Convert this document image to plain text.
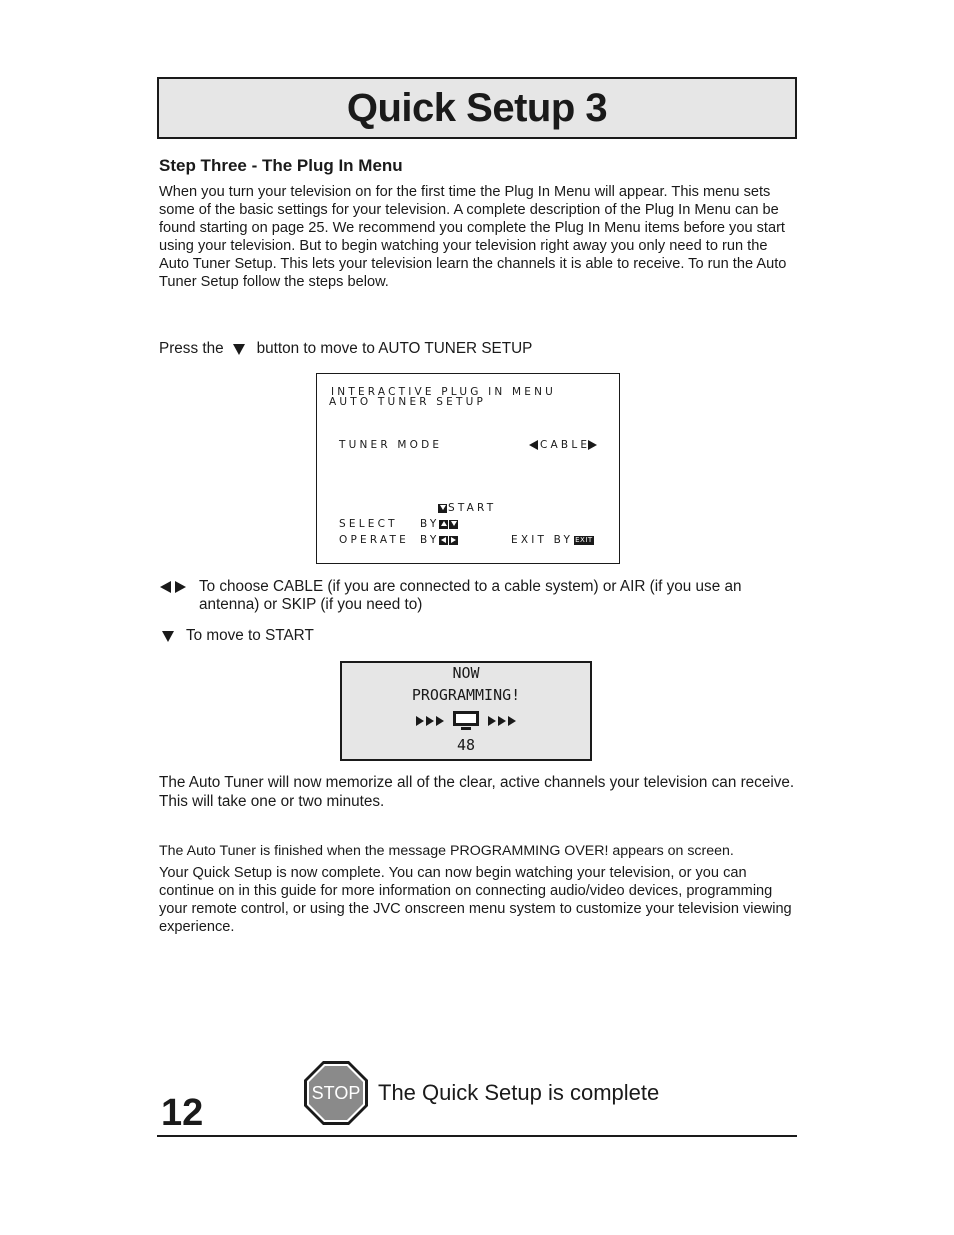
Quick Setup 3
Step Three - The Plug In Menu

When you turn your television on for the first time the Plug In Menu will appear. This menu sets some of the basic settings for your television. A complete description of the Plug In Menu can be found starting on page 25. We recommend you complete the Plug In Menu items before you start using your television. But to begin watching your television right away you only need to run the Auto Tuner Setup. This lets your television learn the channels it is able to receive. To run the Auto Tuner Setup follow the steps below.

Press the button to move to AUTO TUNER SETUP
INTERACTIVE PLUG IN MENU
AUTO TUNER SETUP
TUNER MODE	CABLE
START
SELECT BY
OPERATE BY	EXIT BY EXIT
To choose CABLE (if you are connected to a cable system) or AIR (if you use an antenna) or SKIP (if you need to)
To move to START
NOW
PROGRAMMING!
48

The Auto Tuner will now memorize all of the clear, active channels your television can receive. This will take one or two minutes.

The Auto Tuner is finished when the message PROGRAMMING OVER! appears on screen.

Your Quick Setup is now complete. You can now begin watching your television, or you can continue on in this guide for more information on connecting audio/video devices, programming your remote control, or using the JVC onscreen menu system to customize your television viewing experience.

STOP The Quick Setup is complete
12
